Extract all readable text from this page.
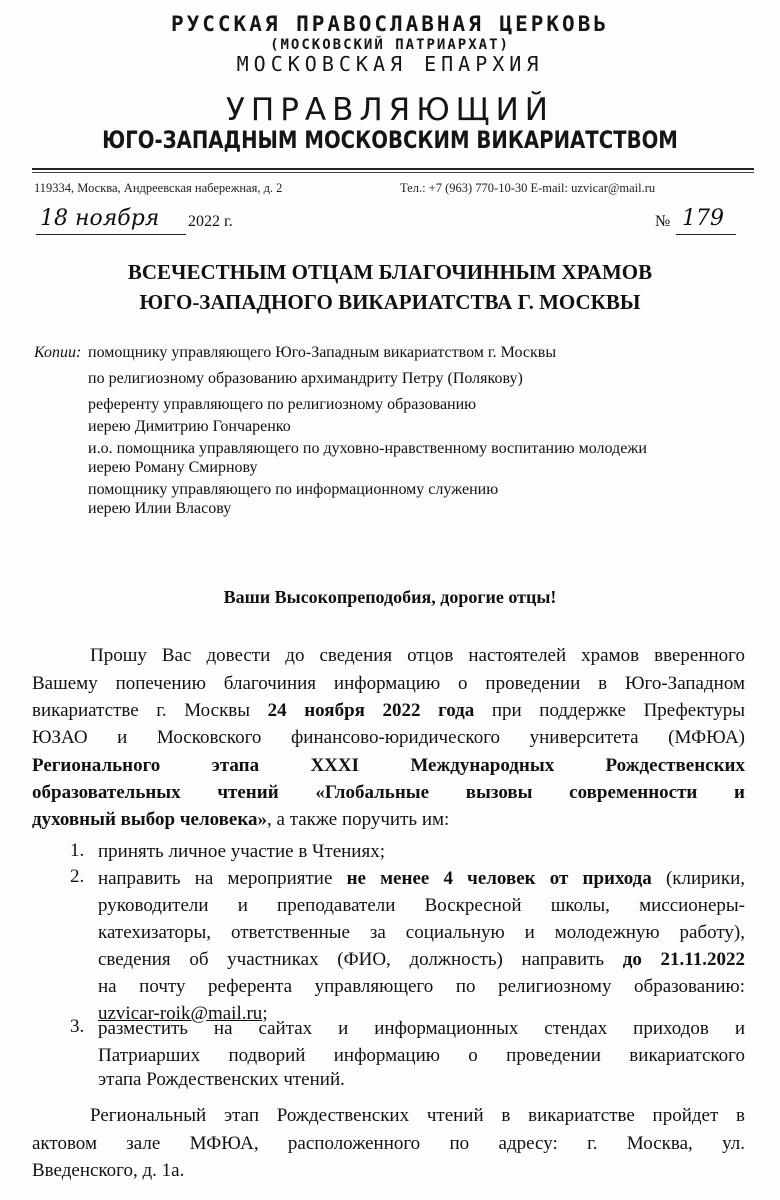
РУССКАЯ ПРАВОСЛАВНАЯ ЦЕРКОВЬ
(МОСКОВСКИЙ ПАТРИАРХАТ)
МОСКОВСКАЯ ЕПАРХИЯ
УПРАВЛЯЮЩИЙ
ЮГО-ЗАПАДНЫМ МОСКОВСКИМ ВИКАРИАТСТВОМ
119334, Москва, Андреевская набережная, д. 2	Тел.: +7 (963) 770-10-30 E-mail: uzvicar@mail.ru
18 ноября 2022 г.	№ 179
ВСЕЧЕСТНЫМ ОТЦАМ БЛАГОЧИННЫМ ХРАМОВ
ЮГО-ЗАПАДНОГО ВИКАРИАТСТВА Г. МОСКВЫ
Копии: помощнику управляющего Юго-Западным викариатством г. Москвы
по религиозному образованию архимандриту Петру (Полякову)
референту управляющего по религиозному образованию
иерею Димитрию Гончаренко
и.о. помощника управляющего по духовно-нравственному воспитанию молодежи
иерею Роману Смирнову
помощнику управляющего по информационному служению
иерею Илии Власову
Ваши Высокопреподобия, дорогие отцы!
Прошу Вас довести до сведения отцов настоятелей храмов вверенного
Вашему попечению благочиния информацию о проведении в Юго-Западном
викариатстве г. Москвы 24 ноября 2022 года при поддержке Префектуры
ЮЗАО и Московского финансово-юридического университета (МФЮА)
Регионального этапа XXXI Международных Рождественских
образовательных чтений «Глобальные вызовы современности и
духовный выбор человека», а также поручить им:
1. принять личное участие в Чтениях;
2. направить на мероприятие не менее 4 человек от прихода (клирики,
руководители и преподаватели Воскресной школы, миссионеры-
катехизаторы, ответственные за социальную и молодежную работу),
сведения об участниках (ФИО, должность) направить до 21.11.2022
на почту референта управляющего по религиозному образованию:
uzvicar-roik@mail.ru;
3. разместить на сайтах и информационных стендах приходов и
Патриарших подворий информацию о проведении викариатского
этапа Рождественских чтений.
Региональный этап Рождественских чтений в викариатстве пройдет в
актовом зале МФЮА, расположенного по адресу: г. Москва, ул.
Введенского, д. 1а.
